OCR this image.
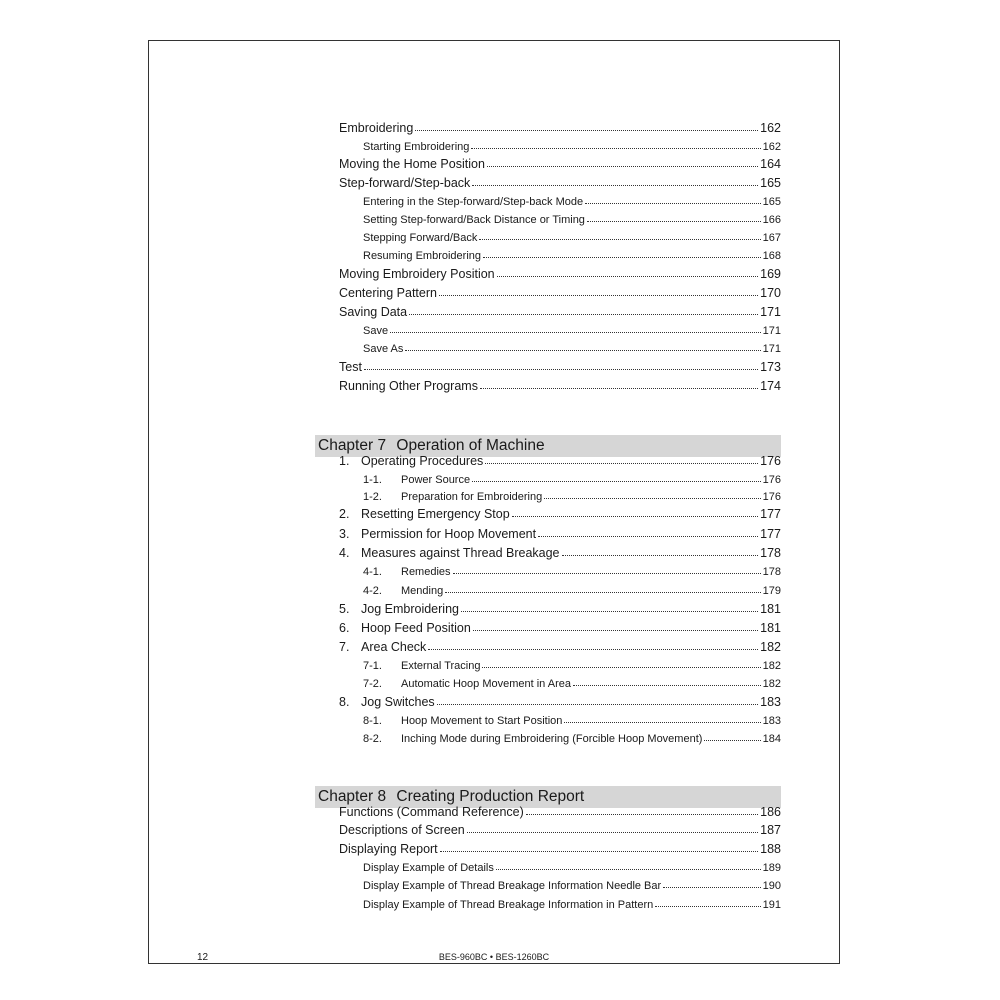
Chapter 7 Operation of Machine
Chapter 8 Creating Production Report
Embroidering	162
Starting Embroidering	162
Moving the Home Position	164
Step-forward/Step-back	165
Entering in the Step-forward/Step-back Mode	165
Setting Step-forward/Back Distance or Timing	166
Stepping Forward/Back	167
Resuming Embroidering	168
Moving Embroidery Position	169
Centering Pattern	170
Saving Data	171
Save	171
Save As	171
Test	173
Running Other Programs	174
1. Operating Procedures	176
1-1.	Power Source	176
1-2.	Preparation for Embroidering	176
2. Resetting Emergency Stop	177
3. Permission for Hoop Movement	177
4. Measures against Thread Breakage	178
4-1.	Remedies	178
4-2.	Mending	179
5. Jog Embroidering	181
6. Hoop Feed Position	181
7. Area Check	182
7-1.	External Tracing	182
7-2.	Automatic Hoop Movement in Area	182
8. Jog Switches	183
8-1.	Hoop Movement to Start Position	183
8-2.	Inching Mode during Embroidering (Forcible Hoop Movement)	184
Functions (Command Reference)	186
Descriptions of Screen	187
Displaying Report	188
Display Example of Details	189
Display Example of Thread Breakage Information Needle Bar	190
Display Example of Thread Breakage Information in Pattern	191
12	BES-960BC • BES-1260BC
